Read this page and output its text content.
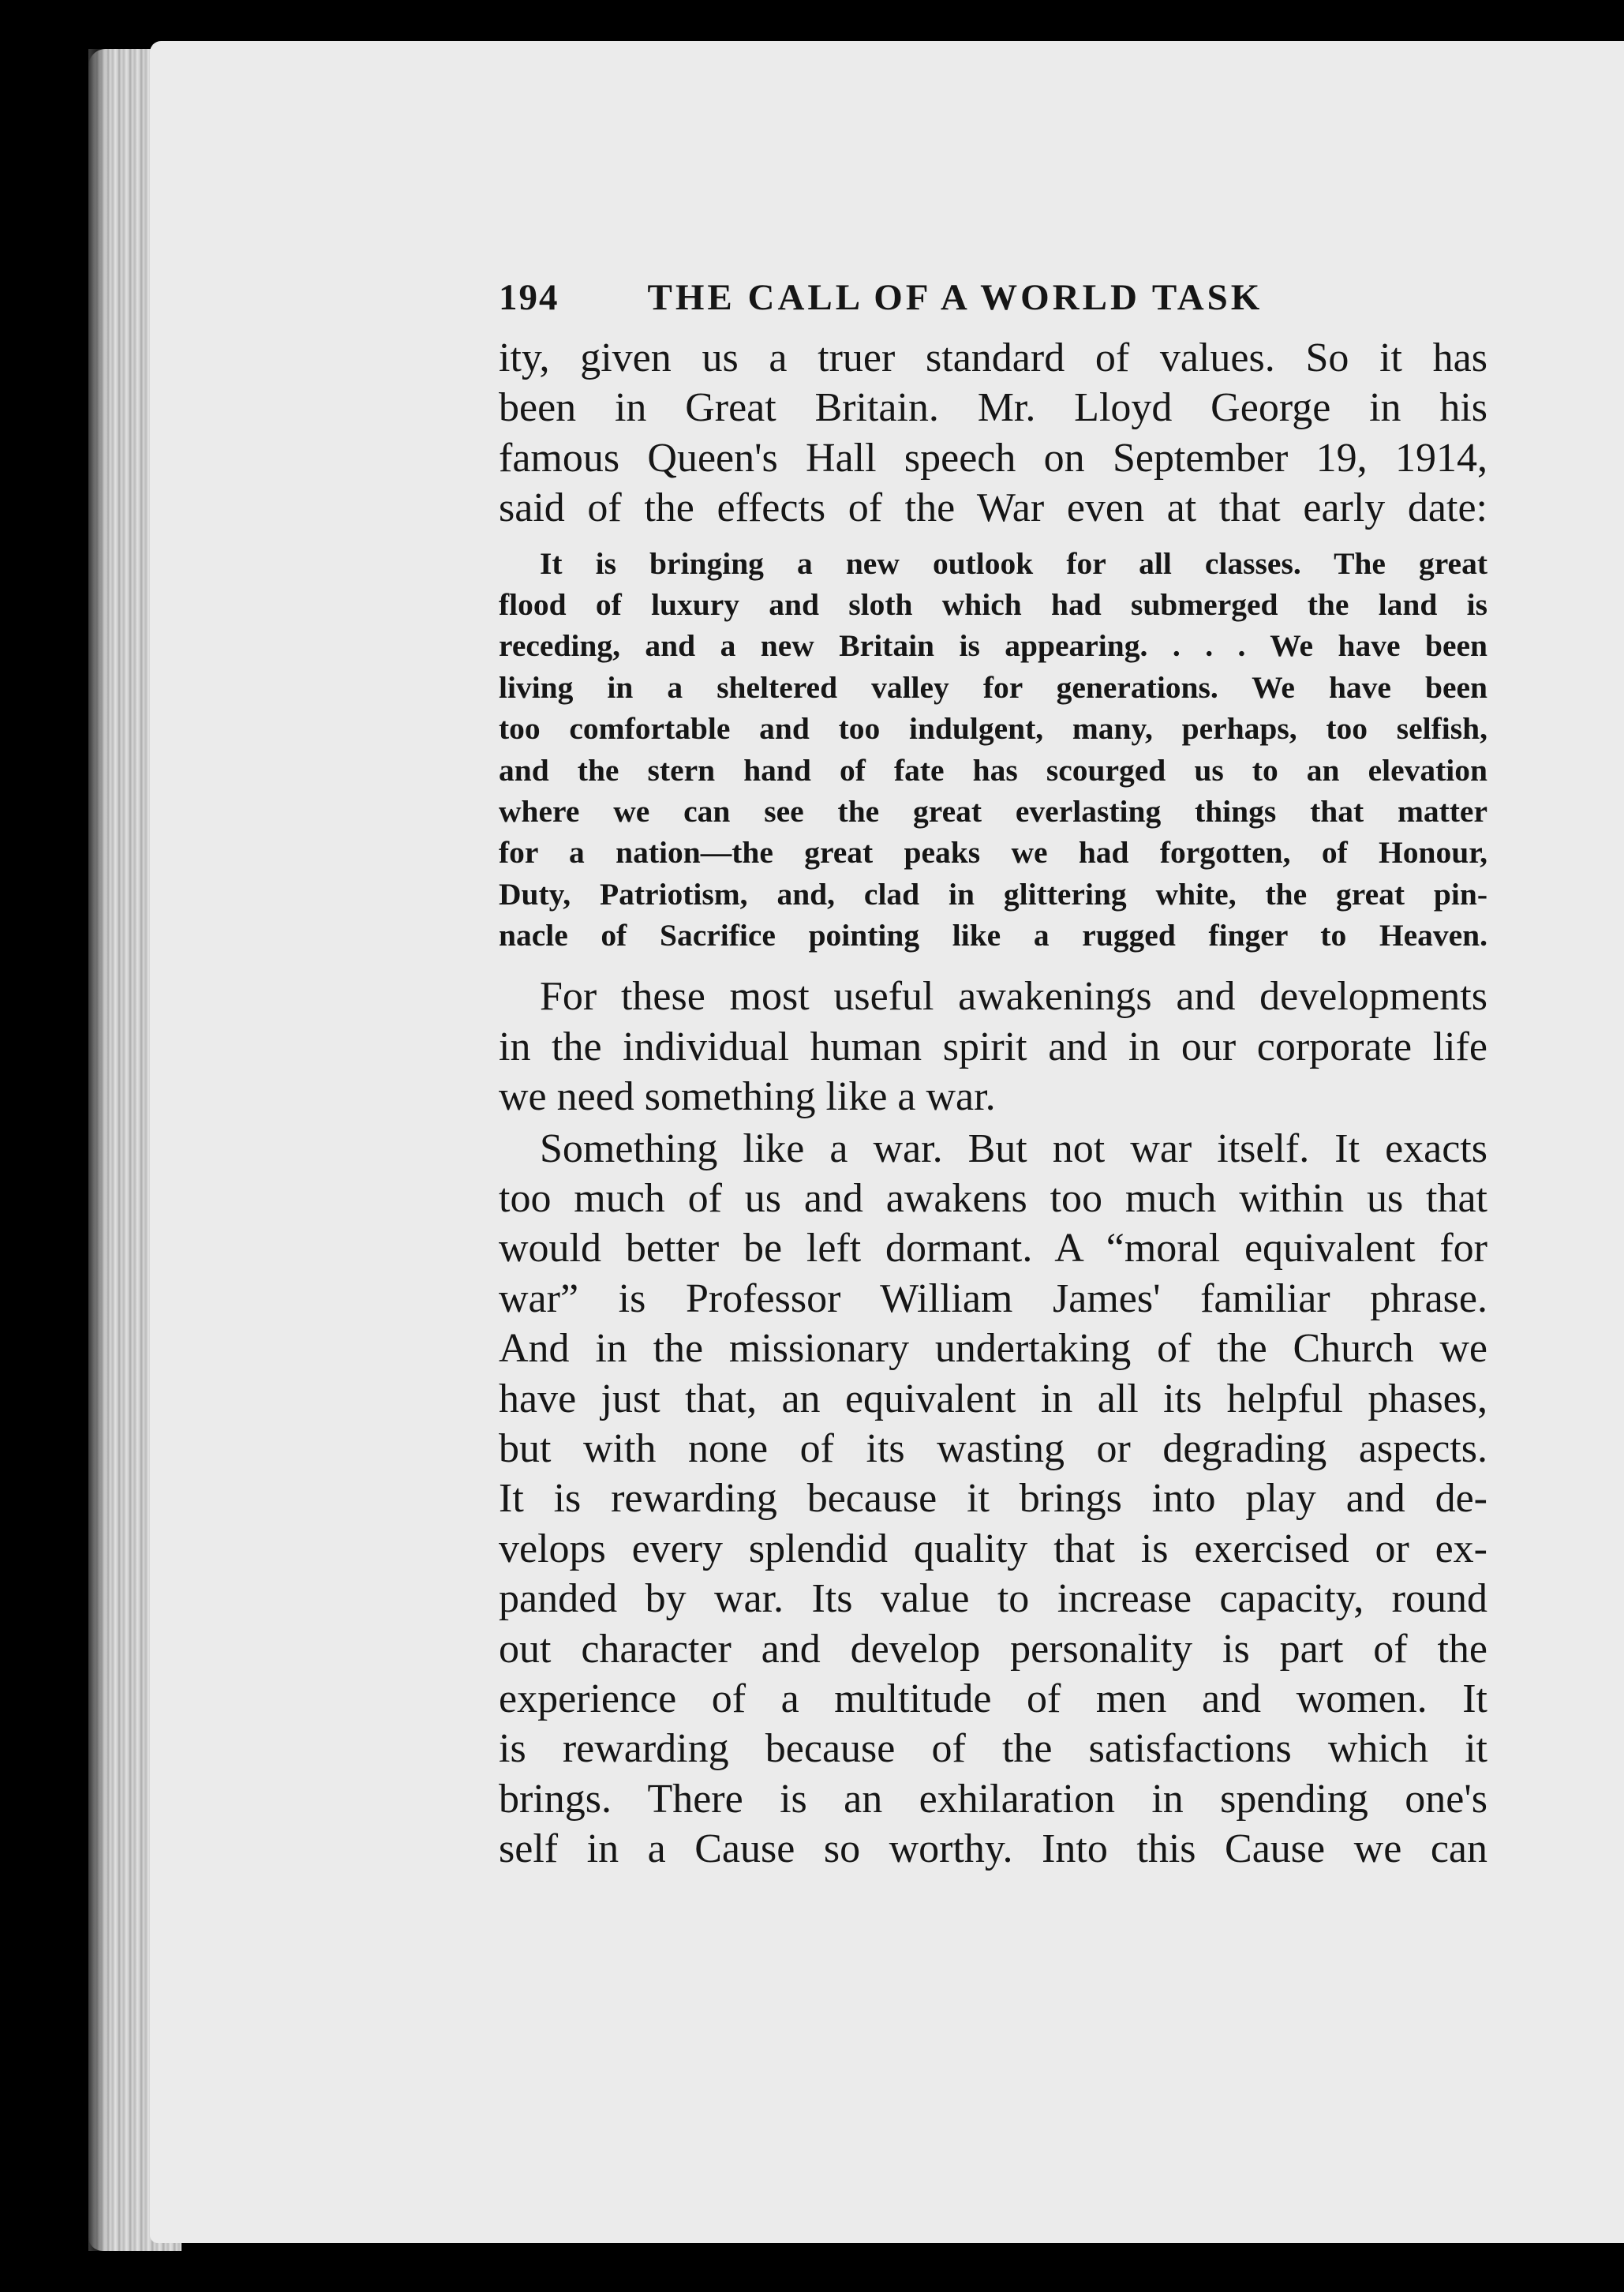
194 THE CALL OF A WORLD TASK
ity, given us a truer standard of values. So it has
been in Great Britain. Mr. Lloyd George in his
famous Queen's Hall speech on September 19, 1914,
said of the effects of the War even at that early date:
It is bringing a new outlook for all classes. The great
flood of luxury and sloth which had submerged the land is
receding, and a new Britain is appearing. . . . We have been
living in a sheltered valley for generations. We have been
too comfortable and too indulgent, many, perhaps, too selfish,
and the stern hand of fate has scourged us to an elevation
where we can see the great everlasting things that matter
for a nation—the great peaks we had forgotten, of Honour,
Duty, Patriotism, and, clad in glittering white, the great pin-
nacle of Sacrifice pointing like a rugged finger to Heaven.
For these most useful awakenings and developments
in the individual human spirit and in our corporate life
we need something like a war.
Something like a war. But not war itself. It exacts
too much of us and awakens too much within us that
would better be left dormant. A “moral equivalent for
war” is Professor William James' familiar phrase.
And in the missionary undertaking of the Church we
have just that, an equivalent in all its helpful phases,
but with none of its wasting or degrading aspects.
It is rewarding because it brings into play and de-
velops every splendid quality that is exercised or ex-
panded by war. Its value to increase capacity, round
out character and develop personality is part of the
experience of a multitude of men and women. It
is rewarding because of the satisfactions which it
brings. There is an exhilaration in spending one's
self in a Cause so worthy. Into this Cause we can
